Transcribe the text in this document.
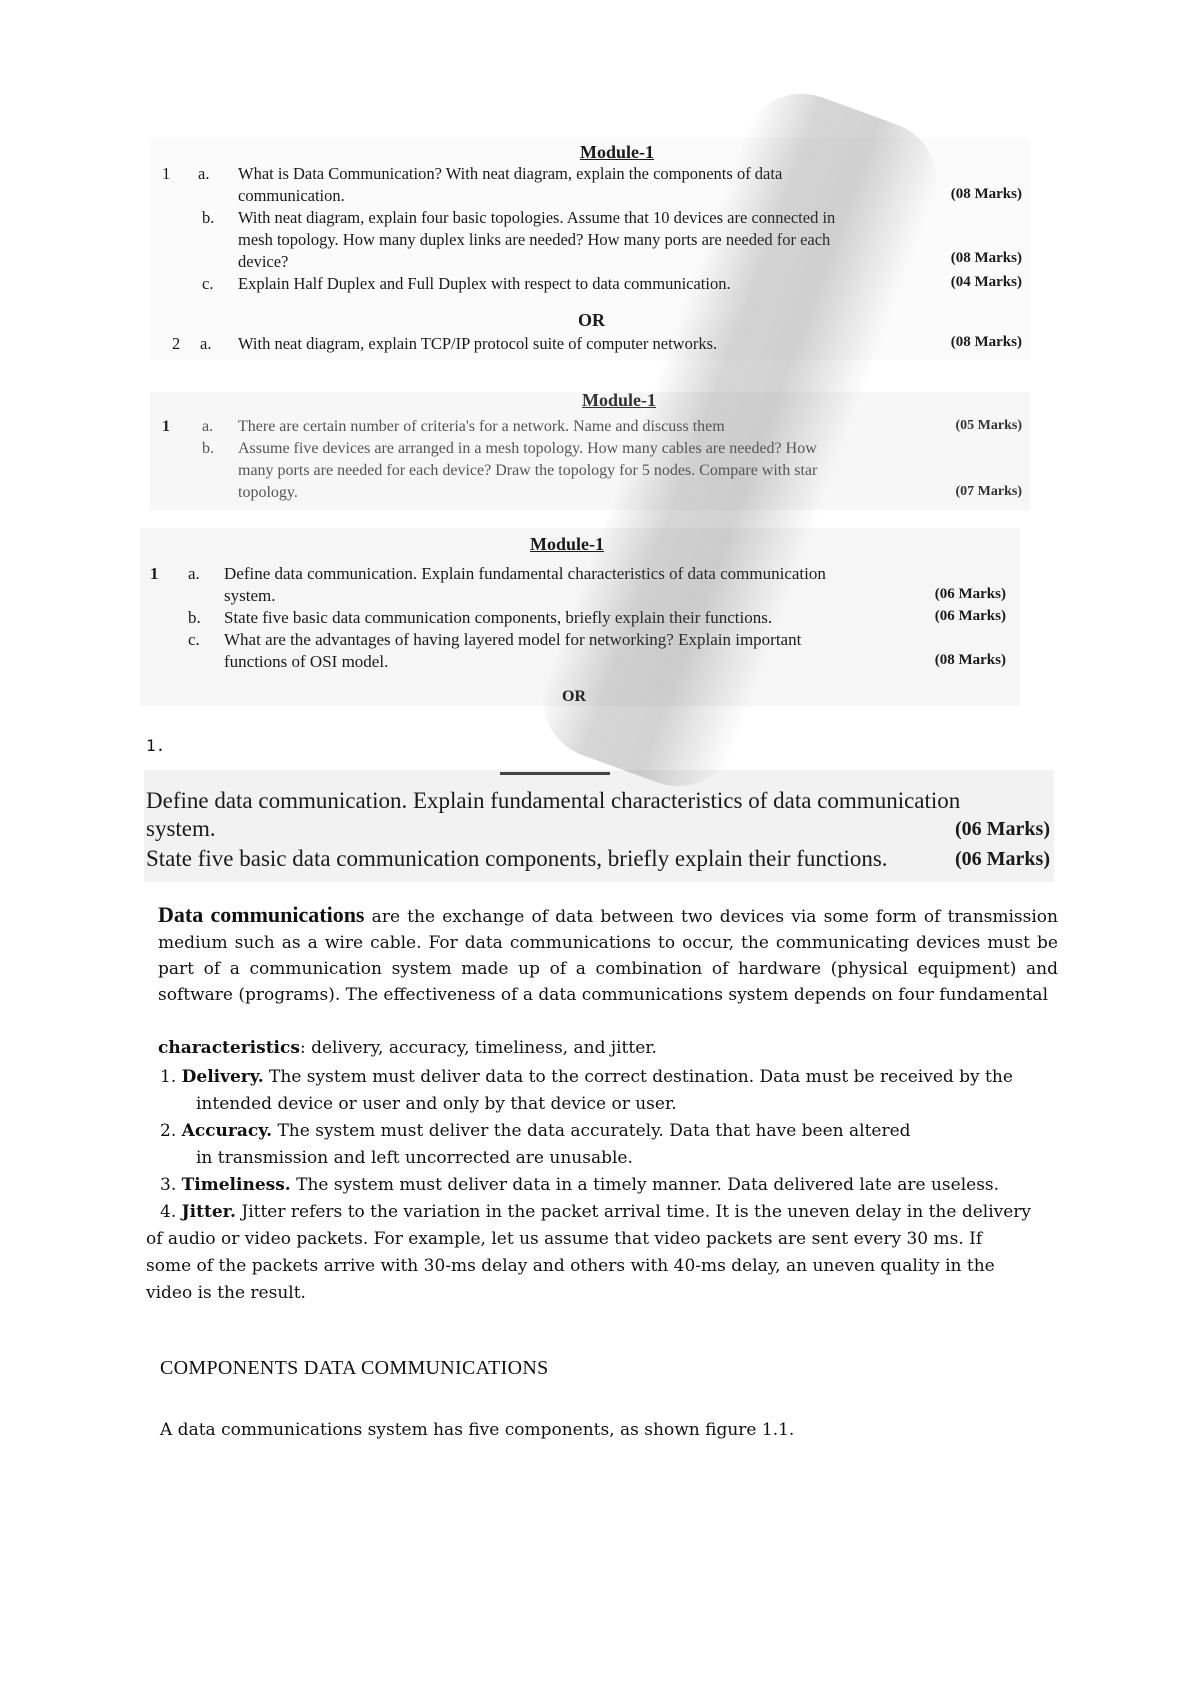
Module-1
1 a. What is Data Communication? With neat diagram, explain the components of data
communication.	(08 Marks)
b. With neat diagram, explain four basic topologies. Assume that 10 devices are connected in
mesh topology. How many duplex links are needed? How many ports are needed for each
device?	(08 Marks)
c. Explain Half Duplex and Full Duplex with respect to data communication.	(04 Marks)
OR
2 a. With neat diagram, explain TCP/IP protocol suite of computer networks.	(08 Marks)
Module-1
1 a. There are certain number of criteria's for a network. Name and discuss them	(05 Marks)
b. Assume five devices are arranged in a mesh topology. How many cables are needed? How
many ports are needed for each device? Draw the topology for 5 nodes. Compare with star
topology.	(07 Marks)
Module-1
1 a. Define data communication. Explain fundamental characteristics of data communication
system.	(06 Marks)
b. State five basic data communication components, briefly explain their functions.	(06 Marks)
c. What are the advantages of having layered model for networking? Explain important
functions of OSI model.	(08 Marks)
OR
1.
Define data communication. Explain fundamental characteristics of data communication
system.	(06 Marks)
State five basic data communication components, briefly explain their functions.	(06 Marks)
Data communications are the exchange of data between two devices via some form of transmission medium such as a wire cable. For data communications to occur, the communicating devices must be part of a communication system made up of a combination of hardware (physical equipment) and software (programs). The effectiveness of a data communications system depends on four fundamental
characteristics: delivery, accuracy, timeliness, and jitter.

1. Delivery. The system must deliver data to the correct destination. Data must be received by the

intended device or user and only by that device or user.

2. Accuracy. The system must deliver the data accurately. Data that have been altered

in transmission and left uncorrected are unusable.

3. Timeliness. The system must deliver data in a timely manner. Data delivered late are useless.

4. Jitter. Jitter refers to the variation in the packet arrival time. It is the uneven delay in the delivery

of audio or video packets. For example, let us assume that video packets are sent every 30 ms. If

some of the packets arrive with 30-ms delay and others with 40-ms delay, an uneven quality in the

video is the result.

COMPONENTS DATA COMMUNICATIONS
A data communications system has five components, as shown figure 1.1.
